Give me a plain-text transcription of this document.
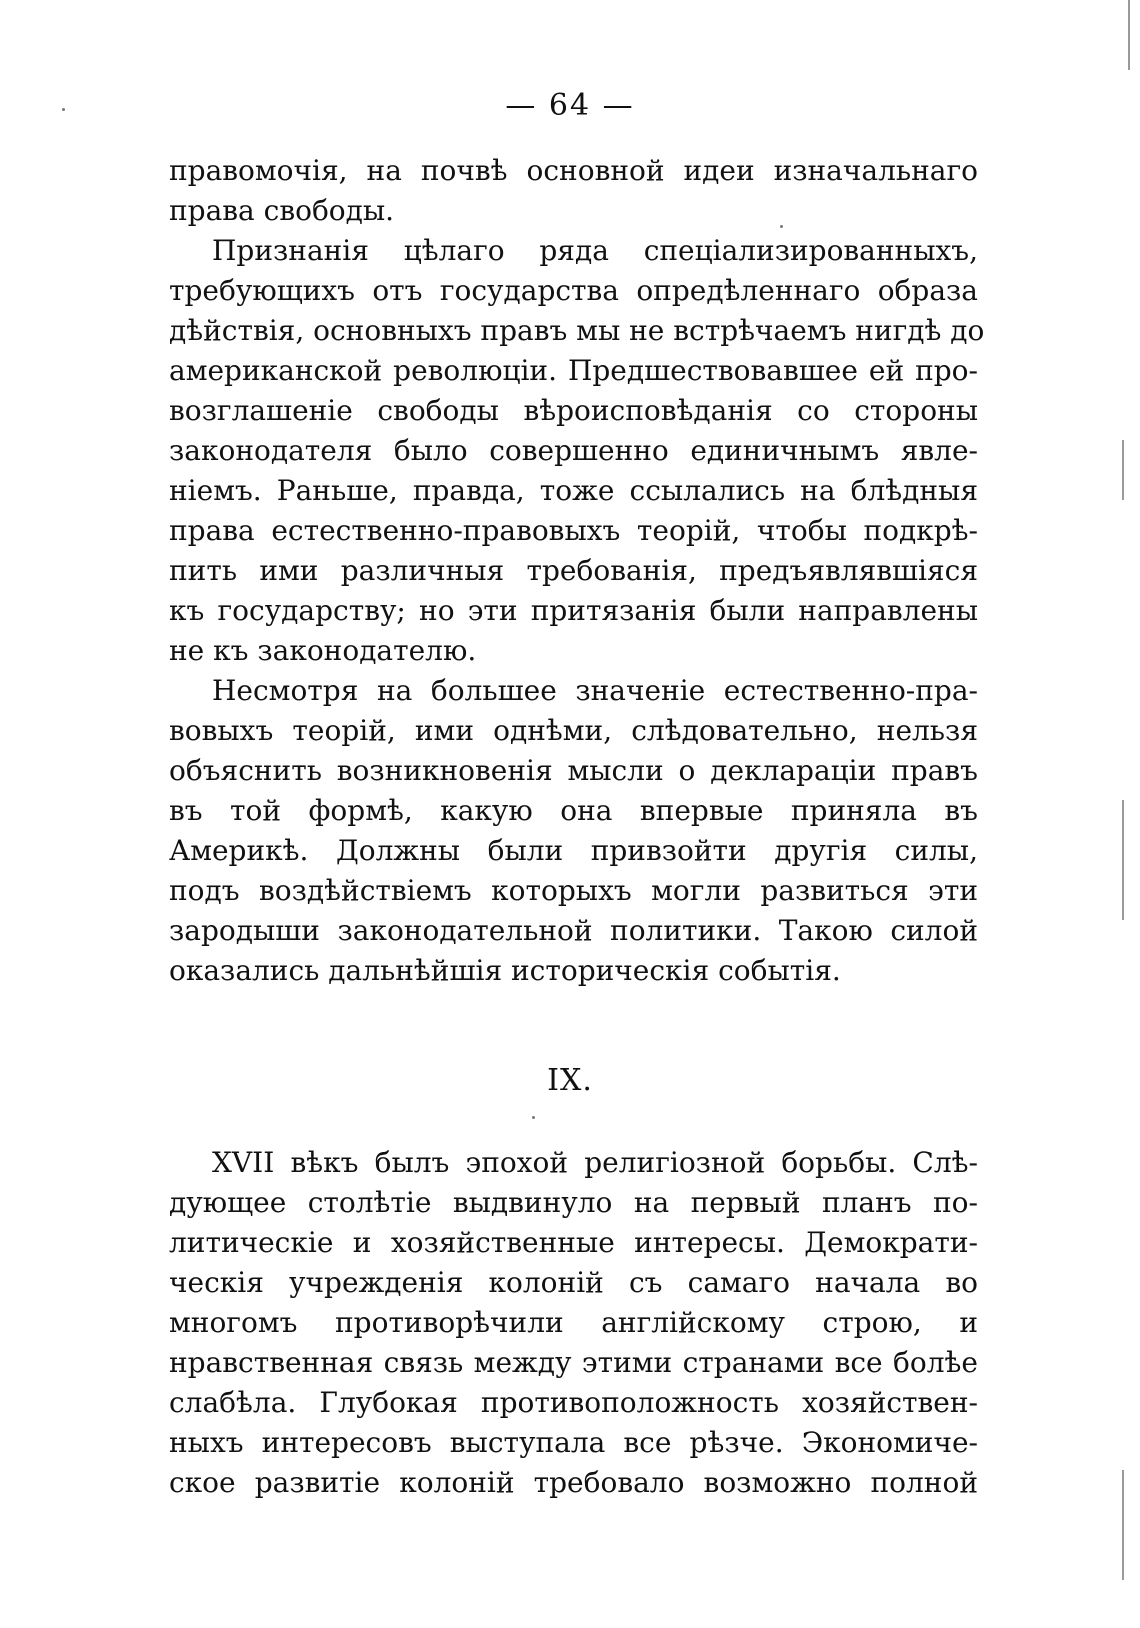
— 64 —
правомочія, на почвѣ основной идеи изначальнаго
права свободы.
Признанія цѣлаго ряда спеціализированныхъ,
требующихъ отъ государства опредѣленнаго образа
дѣйствія, основныхъ правъ мы не встрѣчаемъ нигдѣ до
американской революціи. Предшествовавшее ей про-
возглашеніе свободы вѣроисповѣданія со стороны
законодателя было совершенно единичнымъ явле-
ніемъ. Раньше, правда, тоже ссылались на блѣдныя
права естественно-правовыхъ теорій, чтобы подкрѣ-
пить ими различныя требованія, предъявлявшіяся
къ государству; но эти притязанія были направлены
не къ законодателю.
Несмотря на большее значеніе естественно-пра-
вовыхъ теорій, ими однѣми, слѣдовательно, нельзя
объяснить возникновенія мысли о деклараціи правъ
въ той формѣ, какую она впервые приняла въ
Америкѣ. Должны были привзойти другія силы,
подъ воздѣйствіемъ которыхъ могли развиться эти
зародыши законодательной политики. Такою силой
оказались дальнѣйшія историческія событія.
IX.
XVII вѣкъ былъ эпохой религіозной борьбы. Слѣ-
дующее столѣтіе выдвинуло на первый планъ по-
литическіе и хозяйственные интересы. Демократи-
ческія учрежденія колоній съ самаго начала во
многомъ противорѣчили англійскому строю, и
нравственная связь между этими странами все болѣе
слабѣла. Глубокая противоположность хозяйствен-
ныхъ интересовъ выступала все рѣзче. Экономиче-
ское развитіе колоній требовало возможно полной
